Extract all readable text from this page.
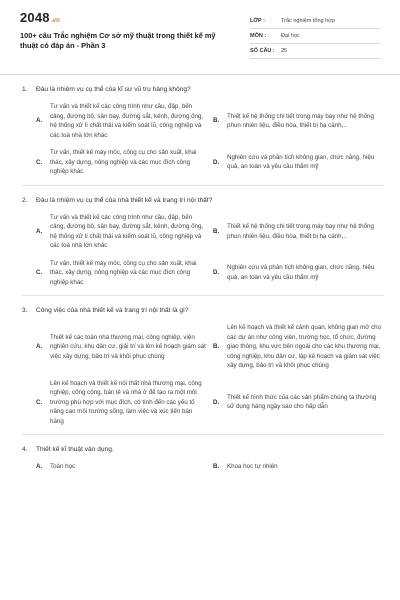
2048.vn
100+ câu Trắc nghiệm Cơ sở mỹ thuật trong thiết kế mỹ thuật có đáp án - Phần 3
LỚP :	Trắc nghiệm tổng hợp
MÔN :	Đại học
SỐ CÂU :	25
1.	Đâu là nhiệm vụ cụ thể của kĩ sư vũ trụ hàng không?
A.
Tư vấn và thiết kế các công trình như cầu, đập, bến cảng, đường bộ, sân bay, đường sắt, kênh, đường ống, hệ thống xử lí chất thải và kiểm soát lũ, công nghiệp và các toà nhà lớn khác
B.
Thiết kế hệ thống chi tiết trong máy bay như hệ thống phun nhiên liệu, điều hòa, thiết bị hạ cánh,..
C.
Tư vấn, thiết kế máy móc, công cụ cho sản xuất, khai thác, xây dựng, nông nghiệp và các mục đích công nghiệp khác
D.
Nghiên cứu và phân tích không gian, chức năng, hiệu quả, an toàn và yêu cầu thẩm mỹ
2.	Đâu là nhiệm vụ cụ thể của nhà thiết kế và trang trí nội thất?
A.
Tư vấn và thiết kế các công trình như cầu, đập, bến cảng, đường bộ, sân bay, đường sắt, kênh, đường ống, hệ thống xử lí chất thải và kiểm soát lũ, công nghiệp và các toà nhà lớn khác
B.
Thiết kế hệ thống chi tiết trong máy bay như hệ thống phun nhiên liệu, điều hòa, thiết bị hạ cánh,..
C.
Tư vấn, thiết kế máy móc, công cụ cho sản xuất, khai thác, xây dựng, nông nghiệp và các mục đích công nghiệp khác
D.
Nghiên cứu và phân tích không gian, chức năng, hiệu quả, an toàn và yêu cầu thẩm mỹ
3.	Công việc của nhà thiết kế và trang trí nội thất là gì?
A.
Thiết kế các toàn nhà thương mại, công nghiệp, viện nghiên cứu, khu dân cư, giải trí và lên kế hoạch giám sát việc xây dựng, bảo trì và khôi phục chúng
B.
Lên kế hoạch và thiết kế cảnh quan, không gian mở cho các dự án như công viên, trường học, tổ chức, đường giao thông, khu vực bên ngoài cho các khu thương mại, công nghiệp, khu dân cư, lập kế hoạch và giám sát việc xây dựng, bảo trì và khôi phục chúng
C.
Lên kế hoạch và thiết kế nội thất nhà thương mại, công nghiệp, công cộng, bán lẻ và nhà ở để tạo ra một môi trường phù hợp với mục đích, có tính đến các yếu tố nâng cao môi trường sống, làm việc và xúc tiến bán hàng
D.
Thiết kế hình thức của các sản phẩm chúng ta thường sử dụng hàng ngày sao cho hấp dẫn
4.	Thiết kế kĩ thuật vận dụng.
A.	Toán học	B.	Khoa học tự nhiên
